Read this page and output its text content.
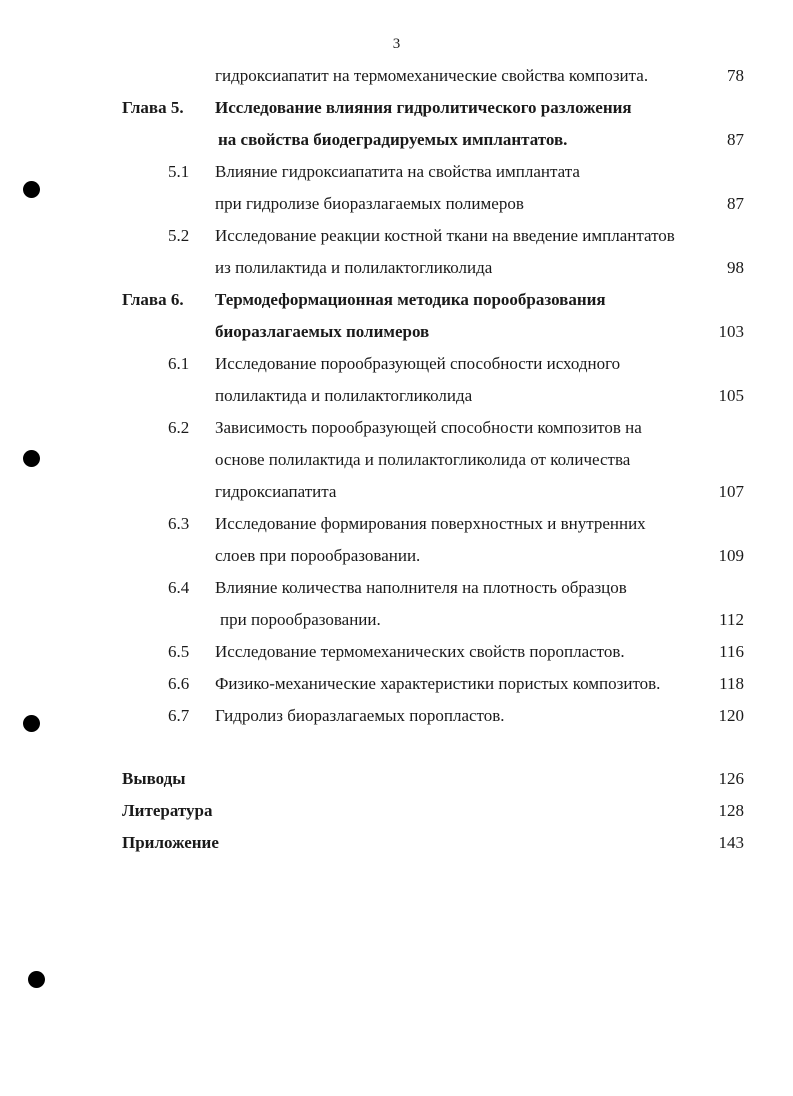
3
гидроксиапатит на термомеханические свойства композита.	78
Глава 5. Исследование влияния гидролитического разложения
на свойства биодеградируемых имплантатов.	87
5.1 Влияние гидроксиапатита на свойства имплантата
при гидролизе биоразлагаемых полимеров	87
5.2 Исследование реакции костной ткани на введение имплантатов
из полилактида и полилактогликолида	98
Глава 6. Термодеформационная методика порообразования
биоразлагаемых полимеров	103
6.1 Исследование порообразующей способности исходного
полилактида и полилактогликолида	105
6.2 Зависимость порообразующей способности композитов на
основе полилактида и полилактогликолида от количества
гидроксиапатита	107
6.3 Исследование формирования поверхностных и внутренних
слоев при порообразовании.	109
6.4 Влияние количества наполнителя на плотность образцов
при порообразовании.	112
6.5 Исследование термомеханических свойств поропластов.	116
6.6 Физико-механические характеристики пористых композитов.	118
6.7 Гидролиз биоразлагаемых поропластов.	120
Выводы	126
Литература	128
Приложение	143
